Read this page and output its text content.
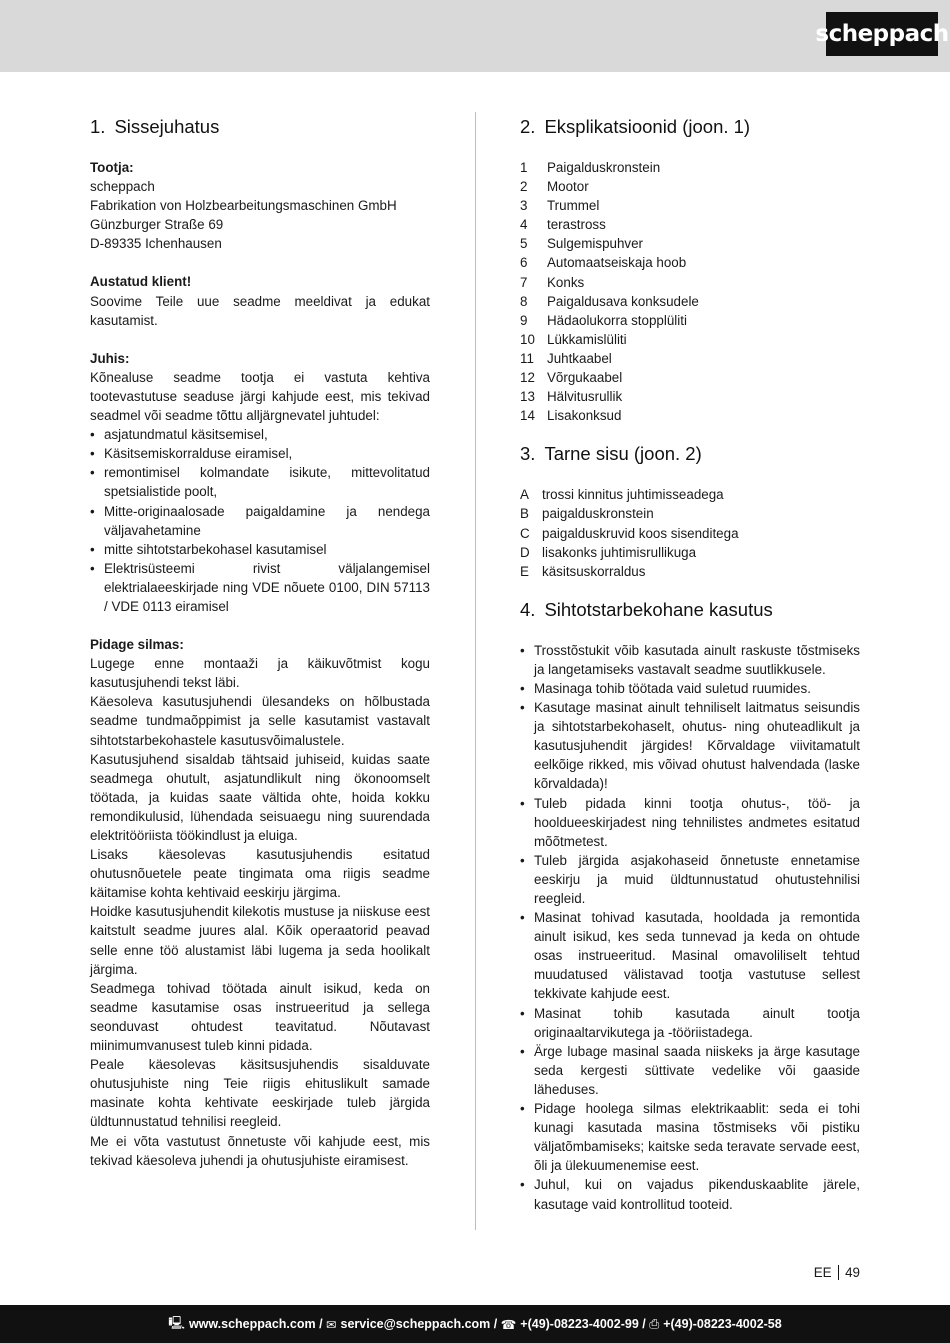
scheppach
1. Sissejuhatus
Tootja:
scheppach
Fabrikation von Holzbearbeitungsmaschinen GmbH
Günzburger Straße 69
D-89335 Ichenhausen
Austatud klient!

Soovime Teile uue seadme meeldivat ja edukat kasutamist.

Juhis:

Kõnealuse seadme tootja ei vastuta kehtiva tootevastutuse seaduse järgi kahjude eest, mis tekivad seadmel või seadme tõttu alljärgnevatel juhtudel:

• asjatundmatul käsitsemisel,
• Käsitsemiskorralduse eiramisel,
• remontimisel kolmandate isikute, mittevolitatud spetsialistide poolt,
• Mitte-originaalosade paigaldamine ja nendega väljavahetamine
• mitte sihtotstarbekohasel kasutamisel
• Elektrisüsteemi rivist väljalangemisel elektrialaeeskirjade ning VDE nõuete 0100, DIN 57113 / VDE 0113 eiramisel
Pidage silmas:

Lugege enne montaaži ja käikuvõtmist kogu kasutusjuhendi tekst läbi.

Käesoleva kasutusjuhendi ülesandeks on hõlbustada seadme tundmaõppimist ja selle kasutamist vastavalt sihtotstarbekohastele kasutusvõimalustele.

Kasutusjuhend sisaldab tähtsaid juhiseid, kuidas saate seadmega ohutult, asjatundlikult ning ökonoomselt töötada, ja kuidas saate vältida ohte, hoida kokku remondikulusid, lühendada seisuaegu ning suurendada elektritööriista töökindlust ja eluiga.

Lisaks käesolevas kasutusjuhendis esitatud ohutusnõuetele peate tingimata oma riigis seadme käitamise kohta kehtivaid eeskirju järgima.

Hoidke kasutusjuhendit kilekotis mustuse ja niiskuse eest kaitstult seadme juures alal. Kõik operaatorid peavad selle enne töö alustamist läbi lugema ja seda hoolikalt järgima.

Seadmega tohivad töötada ainult isikud, keda on seadme kasutamise osas instrueeritud ja sellega seonduvast ohtudest teavitatud. Nõutavast miinimumvanusest tuleb kinni pidada.

Peale käesolevas käsitsusjuhendis sisalduvate ohutusjuhiste ning Teie riigis ehituslikult samade masinate kohta kehtivate eeskirjade tuleb järgida üldtunnustatud tehnilisi reegleid.

Me ei võta vastutust õnnetuste või kahjude eest, mis tekivad käesoleva juhendi ja ohutusjuhiste eiramisest.

2. Eksplikatsioonid (joon. 1)
1	Paigalduskronstein
2	Mootor
3	Trummel
4	terastross
5	Sulgemispuhver
6	Automaatseiskaja hoob
7	Konks
8	Paigaldusava konksudele
9	Hädaolukorra stopplüliti
10 Lükkamislüliti
11 Juhtkaabel
12 Võrgukaabel
13 Hälvitusrullik
14 Lisakonksud
3. Tarne sisu (joon. 2)
A trossi kinnitus juhtimisseadega
B paigalduskronstein
C paigalduskruvid koos sisenditega
D lisakonks juhtimisrullikuga
E käsitsuskorraldus
4. Sihtotstarbekohane kasutus
• Trosstõstukit võib kasutada ainult raskuste tõstmiseks ja langetamiseks vastavalt seadme suutlikkusele.
• Masinaga tohib töötada vaid suletud ruumides.
• Kasutage masinat ainult tehniliselt laitmatus seisundis ja sihtotstarbekohaselt, ohutus- ning ohuteadlikult ja kasutusjuhendit järgides! Kõrvaldage viivitamatult eelkõige rikked, mis võivad ohutust halvendada (laske kõrvaldada)!
• Tuleb pidada kinni tootja ohutus-, töö- ja hooldueeskirjadest ning tehnilistes andmetes esitatud mõõtmetest.
• Tuleb järgida asjakohaseid õnnetuste ennetamise eeskirju ja muid üldtunnustatud ohutustehnilisi reegleid.
• Masinat tohivad kasutada, hooldada ja remontida ainult isikud, kes seda tunnevad ja keda on ohtude osas instrueeritud. Masinal omavoliliselt tehtud muudatused välistavad tootja vastutuse sellest tekkivate kahjude eest.
• Masinat tohib kasutada ainult tootja originaaltarvikutega ja -tööriistadega.
• Ärge lubage masinal saada niiskeks ja ärge kasutage seda kergesti süttivate vedelike või gaaside läheduses.
• Pidage hoolega silmas elektrikaablit: seda ei tohi kunagi kasutada masina tõstmiseks või pistiku väljatõmbamiseks; kaitske seda teravate servade eest, õli ja ülekuumenemise eest.
• Juhul, kui on vajadus pikenduskaablite järele, kasutage vaid kontrollitud tooteid.
EE 49
🖳 www.scheppach.com / ✉ service@scheppach.com / ☎ +(49)-08223-4002-99 / ⎙ +(49)-08223-4002-58
